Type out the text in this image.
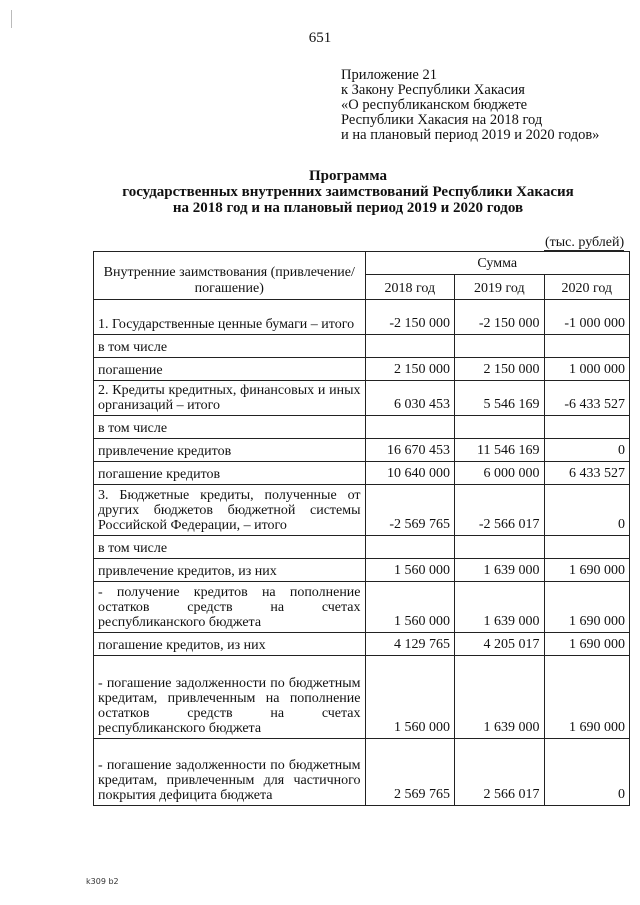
651
Приложение 21
к Закону Республики Хакасия
«О республиканском бюджете
Республики Хакасия на 2018 год
и на плановый период 2019 и 2020 годов»
Программа
государственных внутренних заимствований Республики Хакасия
на 2018 год и на плановый период 2019 и 2020 годов
(тыс. рублей)
Внутренние заимствования (привлечение/погашение)	Сумма		
	2018 год	2019 год	2020 год
1. Государственные ценные бумаги – итого	-2 150 000	-2 150 000	-1 000 000
в том числе			
погашение	2 150 000	2 150 000	1 000 000
2. Кредиты кредитных, финансовых и иных организаций – итого	6 030 453	5 546 169	-6 433 527
в том числе			
привлечение кредитов	16 670 453	11 546 169	0
погашение кредитов	10 640 000	6 000 000	6 433 527
3. Бюджетные кредиты, полученные от других бюджетов бюджетной системы Российской Федерации, – итого	-2 569 765	-2 566 017	0
в том числе			
привлечение кредитов, из них	1 560 000	1 639 000	1 690 000
- получение кредитов на пополнение остатков средств на счетах республиканского бюджета	1 560 000	1 639 000	1 690 000
погашение кредитов, из них	4 129 765	4 205 017	1 690 000
- погашение задолженности по бюджетным кредитам, привлеченным на пополнение остатков средств на счетах республиканского бюджета	1 560 000	1 639 000	1 690 000
- погашение задолженности по бюджетным кредитам, привлеченным для частичного покрытия дефицита бюджета	2 569 765	2 566 017	0
k309 b2
